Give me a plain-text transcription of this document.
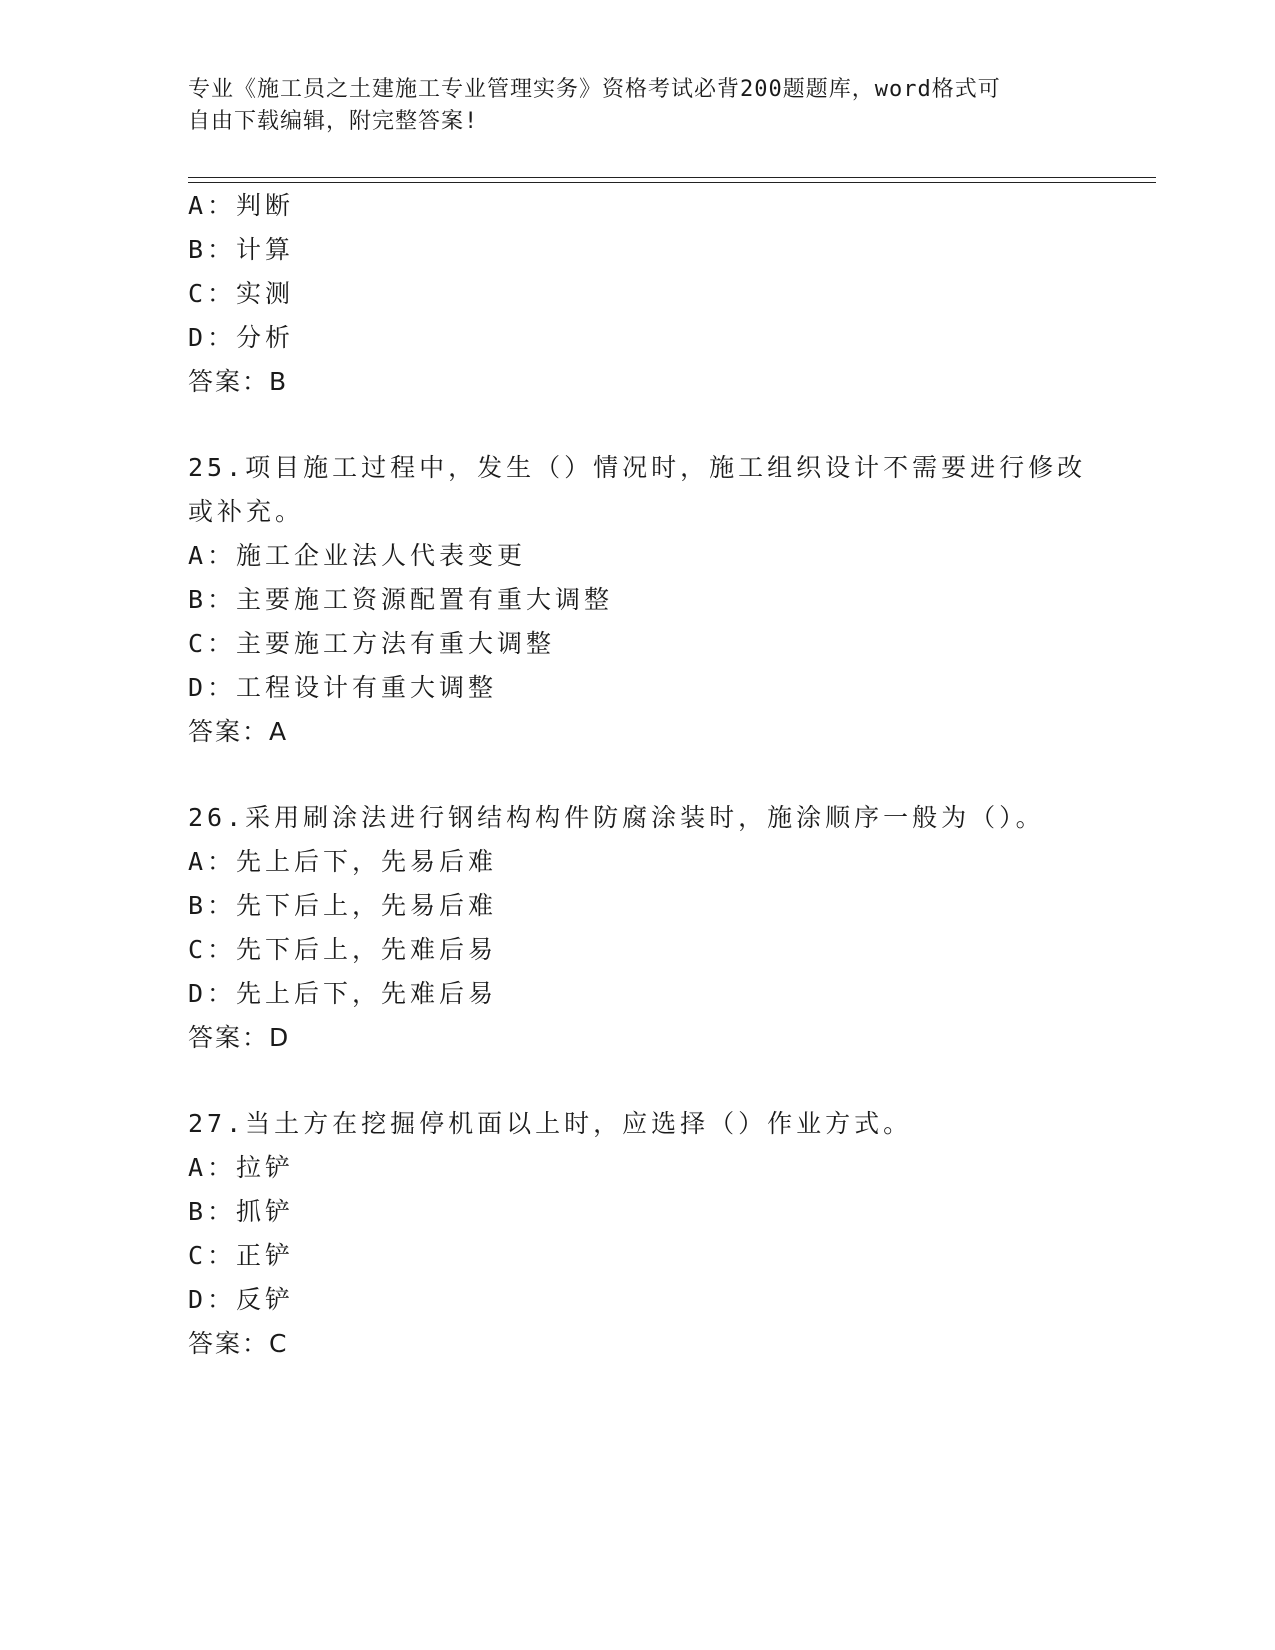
专业《施工员之土建施工专业管理实务》资格考试必背200题题库，word格式可
自由下载编辑，附完整答案!
A：判断
B：计算
C：实测
D：分析
答案：B
25.项目施工过程中，发生（）情况时，施工组织设计不需要进行修改
或补充。
A：施工企业法人代表变更
B：主要施工资源配置有重大调整
C：主要施工方法有重大调整
D：工程设计有重大调整
答案：A
26.采用刷涂法进行钢结构构件防腐涂装时，施涂顺序一般为（）。
A：先上后下，先易后难
B：先下后上，先易后难
C：先下后上，先难后易
D：先上后下，先难后易
答案：D
27.当土方在挖掘停机面以上时，应选择（）作业方式。
A：拉铲
B：抓铲
C：正铲
D：反铲
答案：C
